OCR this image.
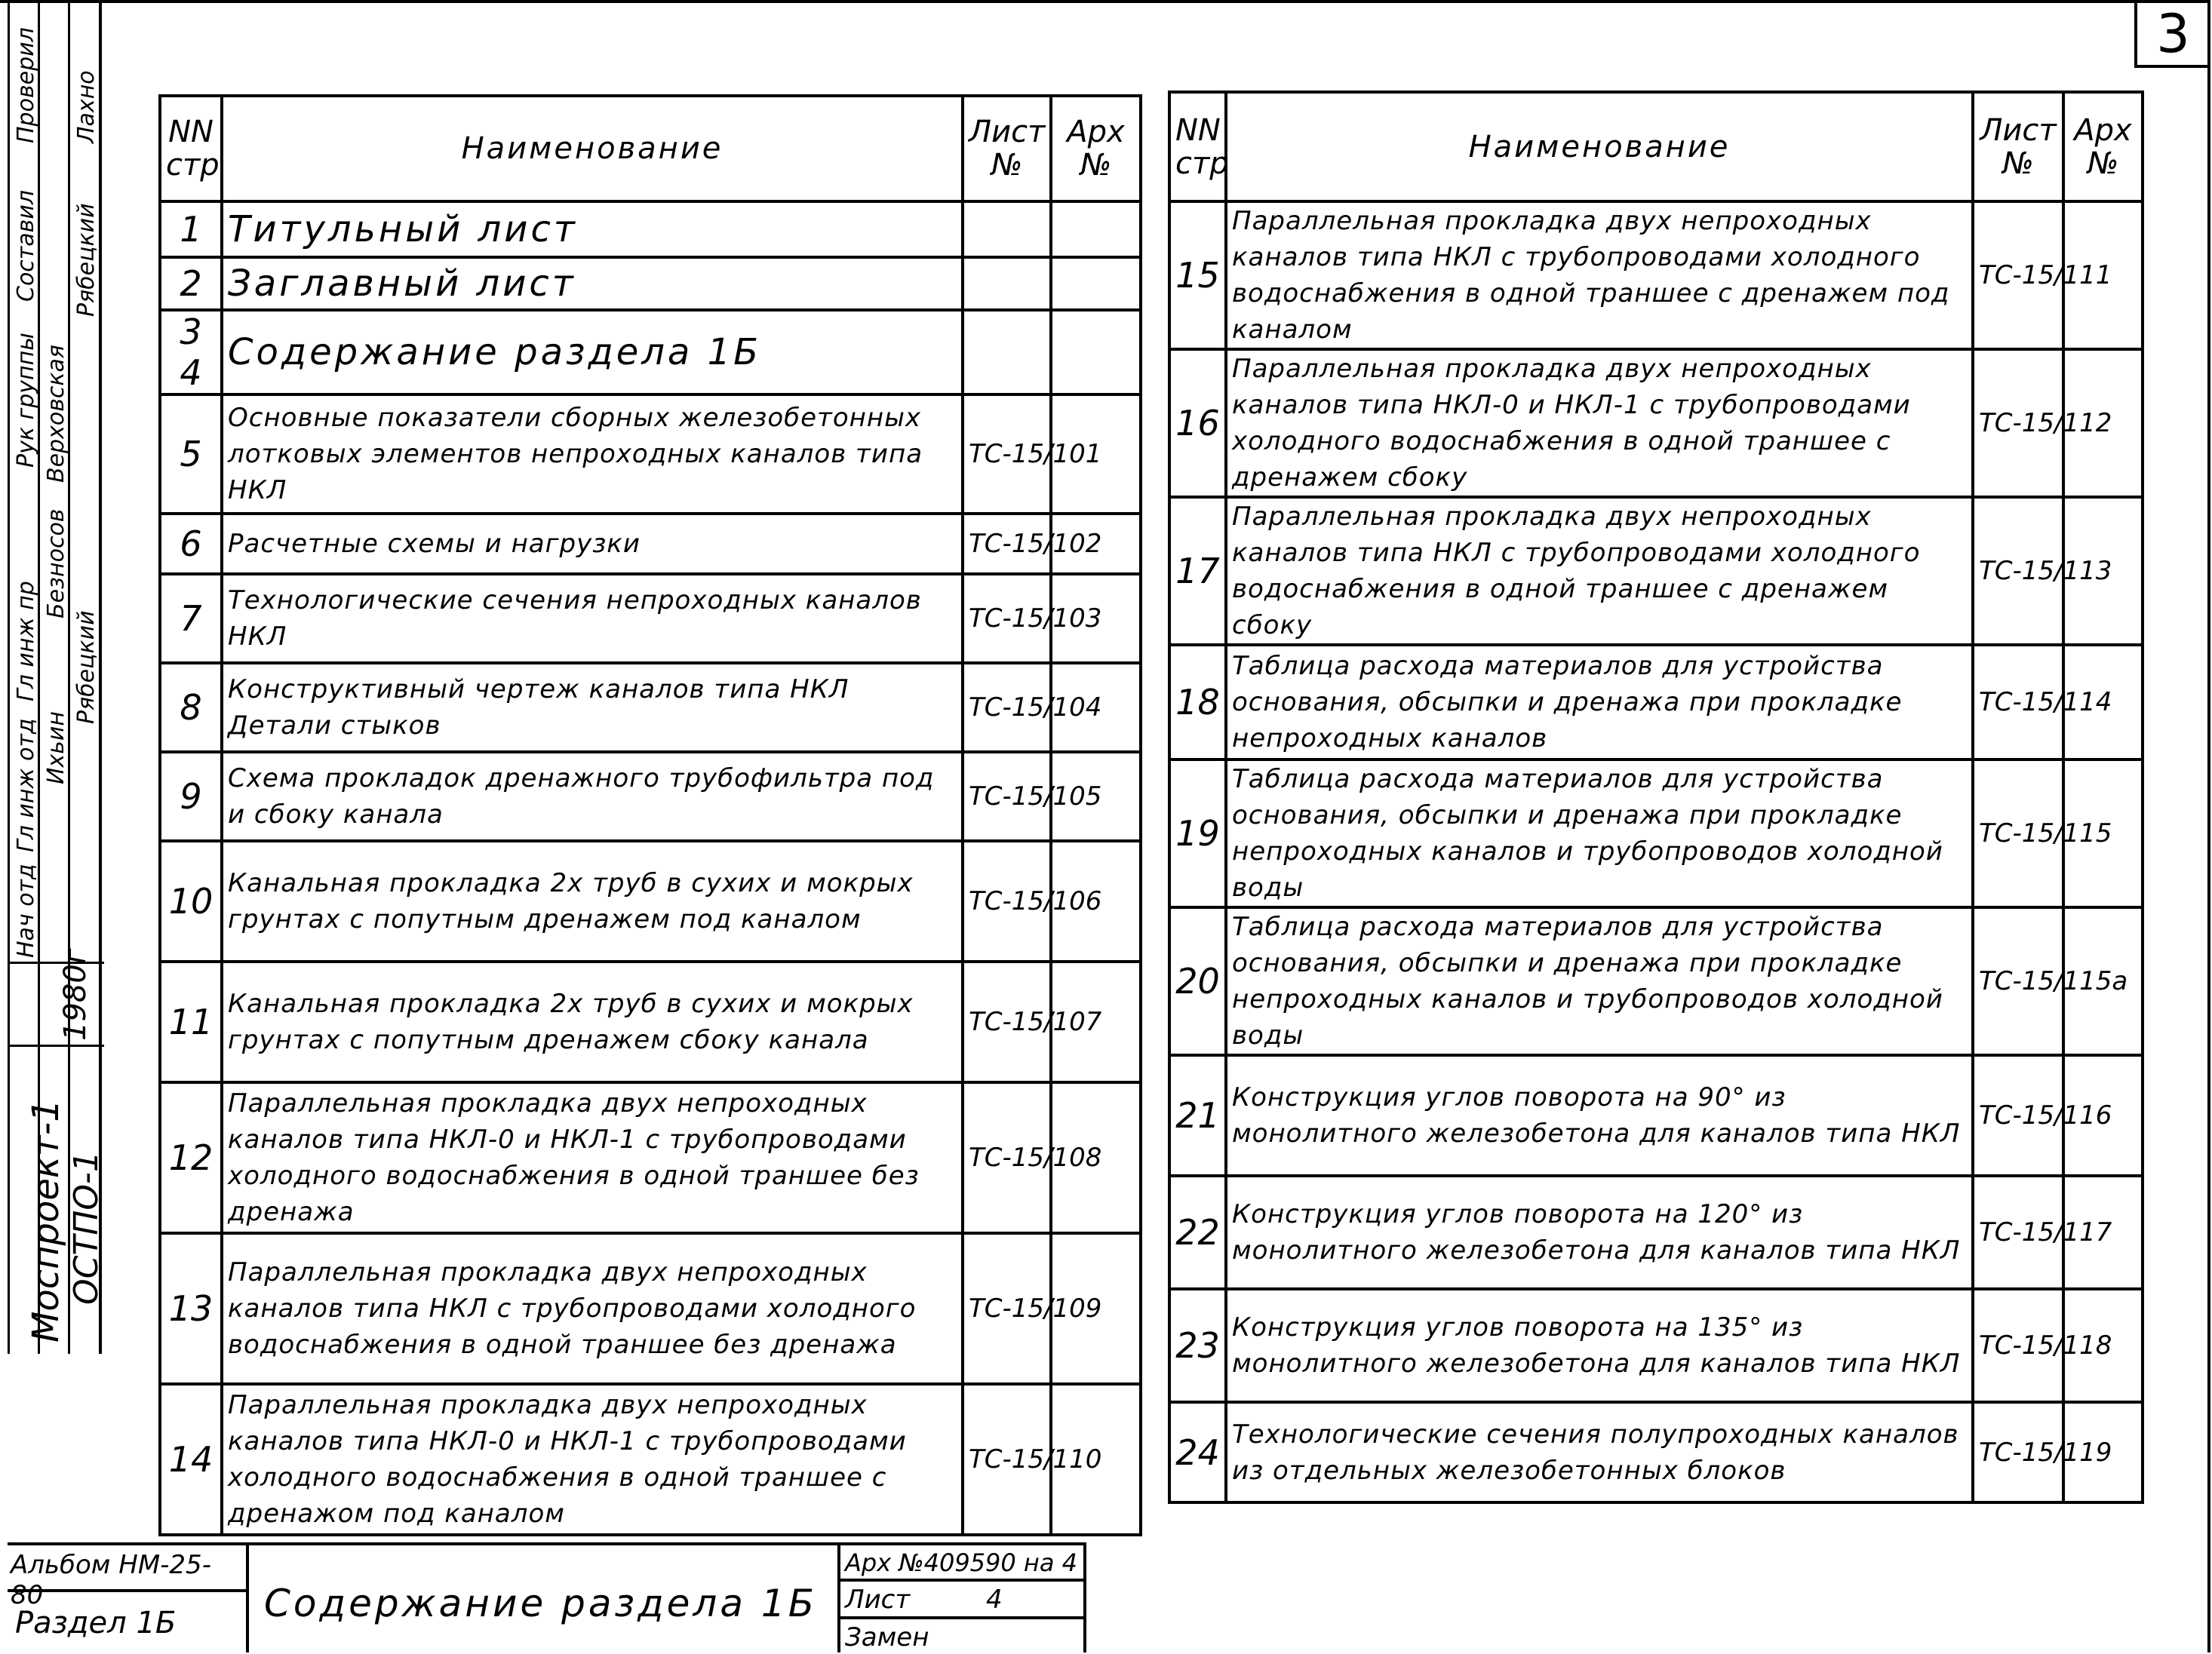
3
Нач отд
Гл инж отд
Гл инж пр
Рук группы
Составил
Проверил
Ихьин
Безносов
Верховская
Рябецкий
Лахно
Рябецкий
1980г
Моспроект-1 ОСТПО-1
NN стр	Наименование	Лист №	Арх №
1	Титульный лист		
2	Заглавный лист		
3 4	Содержание раздела 1Б		
5	Основные показатели сборных железобетонных лотковых элементов непроходных каналов типа НКЛ	ТС-15/101	
6	Расчетные схемы и нагрузки	ТС-15/102	
7	Технологические сечения непроходных каналов НКЛ	ТС-15/103	
8	Конструктивный чертеж каналов типа НКЛ Детали стыков	ТС-15/104	
9	Схема прокладок дренажного трубофильтра под и сбоку канала	ТС-15/105	
10	Канальная прокладка 2х труб в сухих и мокрых грунтах с попутным дренажем под каналом	ТС-15/106	
11	Канальная прокладка 2х труб в сухих и мокрых грунтах с попутным дренажем сбоку канала	ТС-15/107	
12	Параллельная прокладка двух непроходных каналов типа НКЛ-0 и НКЛ-1 с трубопроводами холодного водоснабжения в одной траншее без дренажа	ТС-15/108	
13	Параллельная прокладка двух непроходных каналов типа НКЛ с трубопроводами холодного водоснабжения в одной траншее без дренажа	ТС-15/109	
14	Параллельная прокладка двух непроходных каналов типа НКЛ-0 и НКЛ-1 с трубопроводами холодного водоснабжения в одной траншее с дренажом под каналом	ТС-15/110	
NN стр	Наименование	Лист №	Арх №
15	Параллельная прокладка двух непроходных каналов типа НКЛ с трубопроводами холодного водоснабжения в одной траншее с дренажем под каналом	ТС-15/111	
16	Параллельная прокладка двух непроходных каналов типа НКЛ-0 и НКЛ-1 с трубопроводами холодного водоснабжения в одной траншее с дренажем сбоку	ТС-15/112	
17	Параллельная прокладка двух непроходных каналов типа НКЛ с трубопроводами холодного водоснабжения в одной траншее с дренажем сбоку	ТС-15/113	
18	Таблица расхода материалов для устройства основания, обсыпки и дренажа при прокладке непроходных каналов	ТС-15/114	
19	Таблица расхода материалов для устройства основания, обсыпки и дренажа при прокладке непроходных каналов и трубопроводов холодной воды	ТС-15/115	
20	Таблица расхода материалов для устройства основания, обсыпки и дренажа при прокладке непроходных каналов и трубопроводов холодной воды	ТС-15/115а	
21	Конструкция углов поворота на 90° из монолитного железобетона для каналов типа НКЛ	ТС-15/116	
22	Конструкция углов поворота на 120° из монолитного железобетона для каналов типа НКЛ	ТС-15/117	
23	Конструкция углов поворота на 135° из монолитного железобетона для каналов типа НКЛ	ТС-15/118	
24	Технологические сечения полупроходных каналов из отдельных железобетонных блоков	ТС-15/119	
Альбом НМ-25-80
Раздел 1Б	Содержание раздела 1Б
Арх №409590 на 4
Лист	4
Замен
